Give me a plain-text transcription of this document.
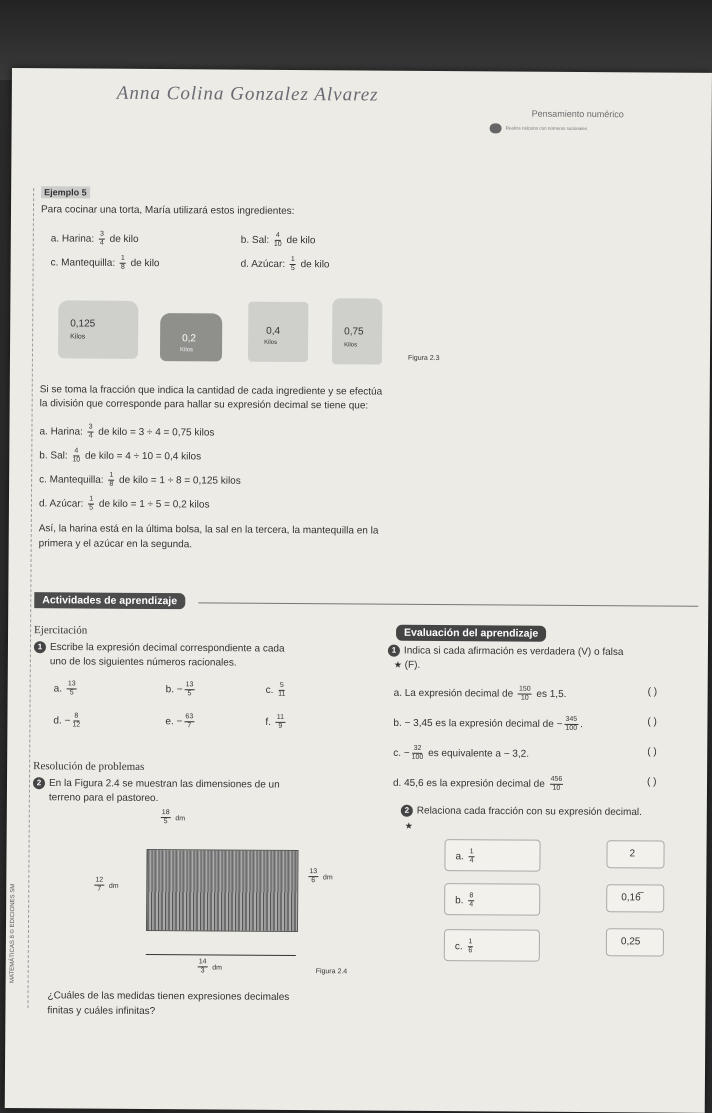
Anna Colina Gonzalez Alvarez
Pensamiento numérico
Realiza cálculos con números racionales
Ejemplo 5
Para cocinar una torta, María utilizará estos ingredientes:
a. Harina: $\frac{3}{4}$ de kilo	b. Sal: $\frac{4}{10}$ de kilo
c. Mantequilla: $\frac{1}{8}$ de kilo	d. Azúcar: $\frac{1}{5}$ de kilo
0,125
Kilos	0,2
Kilos
0,4
Kilos
0,75
Kilos
Figura 2.3
Si se toma la fracción que indica la cantidad de cada ingrediente y se efectúa
la división que corresponde para hallar su expresión decimal se tiene que:
a. Harina: $\frac{3}{4}$ de kilo = 3 ÷ 4 = 0,75 kilos
b. Sal: $\frac{4}{10}$ de kilo = 4 ÷ 10 = 0,4 kilos
c. Mantequilla: $\frac{1}{8}$ de kilo = 1 ÷ 8 = 0,125 kilos
d. Azúcar: $\frac{1}{5}$ de kilo = 1 ÷ 5 = 0,2 kilos
Así, la harina está en la última bolsa, la sal en la tercera, la mantequilla en la
primera y el azúcar en la segunda.
Actividades de aprendizaje
Ejercitación
1 Escribe la expresión decimal correspondiente a cada
uno de los siguientes números racionales.
a. $\frac{13}{5}$	b. − $\frac{13}{5}$	c. $\frac{5}{11}$
d. − $\frac{8}{12}$	e. − $\frac{63}{7}$	f. $\frac{11}{9}$
Resolución de problemas
2 En la Figura 2.4 se muestran las dimensiones de un
terreno para el pastoreo.
$\frac{18}{5}$ dm
$\frac{12}{7}$ dm
$\frac{13}{6}$ dm
$\frac{14}{3}$ dm
Figura 2.4
¿Cuáles de las medidas tienen expresiones decimales
finitas y cuáles infinitas?
Evaluación del aprendizaje
1 Indica si cada afirmación es verdadera (V) o falsa
★ (F).
a. La expresión decimal de $\frac{150}{10}$ es 1,5.	( )
b. − 3,45 es la expresión decimal de − $\frac{345}{100}$ .	( )
c. − $\frac{32}{100}$ es equivalente a − 3,2.	( )
d. 45,6 es la expresión decimal de $\frac{456}{10}$	( )
2 Relaciona cada fracción con su expresión decimal.
★
a. $\frac{1}{4}$
b. $\frac{8}{4}$
c. $\frac{1}{6}$
2
0,16̅
0,25
MATEMÁTICAS 8 © EDICIONES SM
